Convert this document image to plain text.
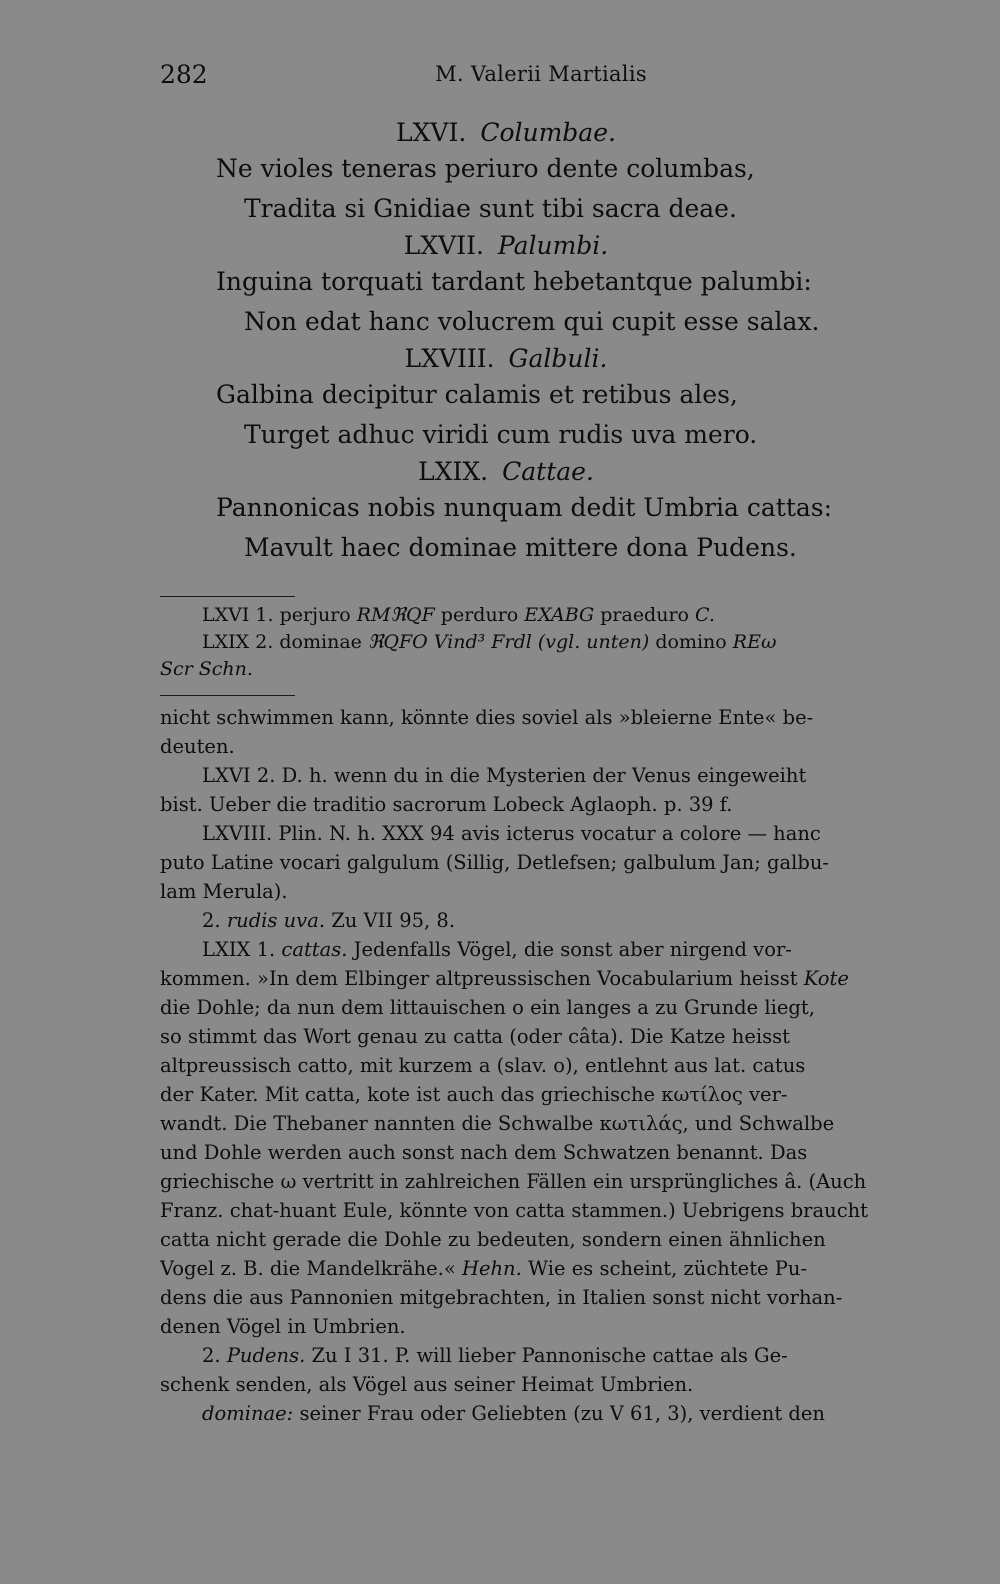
282	M. Valerii Martialis
LXVI. Columbae.
Ne violes teneras periuro dente columbas,
Tradita si Gnidiae sunt tibi sacra deae.
LXVII. Palumbi.
Inguina torquati tardant hebetantque palumbi:
Non edat hanc volucrem qui cupit esse salax.
LXVIII. Galbuli.
Galbina decipitur calamis et retibus ales,
Turget adhuc viridi cum rudis uva mero.
LXIX. Cattae.
Pannonicas nobis nunquam dedit Umbria cattas:
Mavult haec dominae mittere dona Pudens.
LXVI 1. perjuro RMℜQF perduro EXABG praeduro C.
LXIX 2. dominae ℜQFO Vind³ Frdl (vgl. unten) domino REω
Scr Schn.
nicht schwimmen kann, könnte dies soviel als »bleierne Ente« be-
deuten.
LXVI 2. D. h. wenn du in die Mysterien der Venus eingeweiht
bist. Ueber die traditio sacrorum Lobeck Aglaoph. p. 39 f.
LXVIII. Plin. N. h. XXX 94 avis icterus vocatur a colore — hanc
puto Latine vocari galgulum (Sillig, Detlefsen; galbulum Jan; galbu-
lam Merula).
2. rudis uva. Zu VII 95, 8.
LXIX 1. cattas. Jedenfalls Vögel, die sonst aber nirgend vor-
kommen. »In dem Elbinger altpreussischen Vocabularium heisst Kote
die Dohle; da nun dem littauischen o ein langes a zu Grunde liegt,
so stimmt das Wort genau zu catta (oder câta). Die Katze heisst
altpreussisch catto, mit kurzem a (slav. o), entlehnt aus lat. catus
der Kater. Mit catta, kote ist auch das griechische κωτίλος ver-
wandt. Die Thebaner nannten die Schwalbe κωτιλάς, und Schwalbe
und Dohle werden auch sonst nach dem Schwatzen benannt. Das
griechische ω vertritt in zahlreichen Fällen ein ursprüngliches â. (Auch
Franz. chat-huant Eule, könnte von catta stammen.) Uebrigens braucht
catta nicht gerade die Dohle zu bedeuten, sondern einen ähnlichen
Vogel z. B. die Mandelkrähe.« Hehn. Wie es scheint, züchtete Pu-
dens die aus Pannonien mitgebrachten, in Italien sonst nicht vorhan-
denen Vögel in Umbrien.
2. Pudens. Zu I 31. P. will lieber Pannonische cattae als Ge-
schenk senden, als Vögel aus seiner Heimat Umbrien.
dominae: seiner Frau oder Geliebten (zu V 61, 3), verdient den
